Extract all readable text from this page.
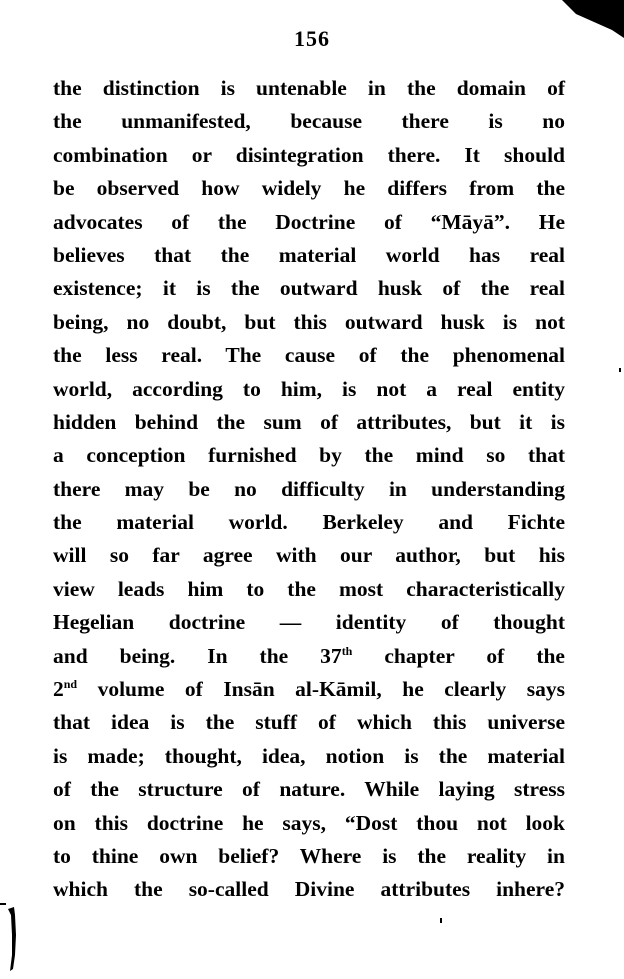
156
the distinction is untenable in the domain of
the unmanifested, because there is no
combination or disintegration there. It should
be observed how widely he differs from the
advocates of the Doctrine of “Māyā”. He
believes that the material world has real
existence; it is the outward husk of the real
being, no doubt, but this outward husk is not
the less real. The cause of the phenomenal
world, according to him, is not a real entity
hidden behind the sum of attributes, but it is
a conception furnished by the mind so that
there may be no difficulty in understanding
the material world. Berkeley and Fichte
will so far agree with our author, but his
view leads him to the most characteristically
Hegelian doctrine — identity of thought
and being. In the 37th chapter of the
2nd volume of Insān al-Kāmil, he clearly says
that idea is the stuff of which this universe
is made; thought, idea, notion is the material
of the structure of nature. While laying stress
on this doctrine he says, “Dost thou not look
to thine own belief? Where is the reality in
which the so-called Divine attributes inhere?
